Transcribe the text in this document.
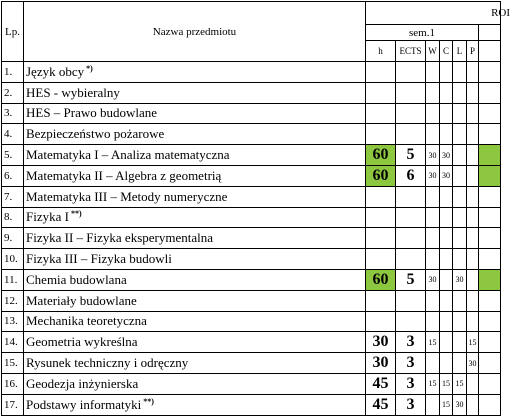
Lp.	Nazwa przedmiotu	ROI						
		sem.1						
		h	ECTS	W	C	L	P	
1.	Język obcy *)							
2.	HES - wybieralny							
3.	HES – Prawo budowlane							
4.	Bezpieczeństwo pożarowe							
5.	Matematyka I – Analiza matematyczna	60	5	30	30			
6.	Matematyka II – Algebra z geometrią	60	6	30	30			
7.	Matematyka III – Metody numeryczne							
8.	Fizyka I **)							
9.	Fizyka II – Fizyka eksperymentalna							
10.	Fizyka III – Fizyka budowli							
11.	Chemia budowlana	60	5	30		30		
12.	Materiały budowlane							
13.	Mechanika teoretyczna							
14.	Geometria wykreślna	30	3	15			15	
15.	Rysunek techniczny i odręczny	30	3				30	
16.	Geodezja inżynierska	45	3	15	15	15		
17.	Podstawy informatyki **)	45	3		15	30		
